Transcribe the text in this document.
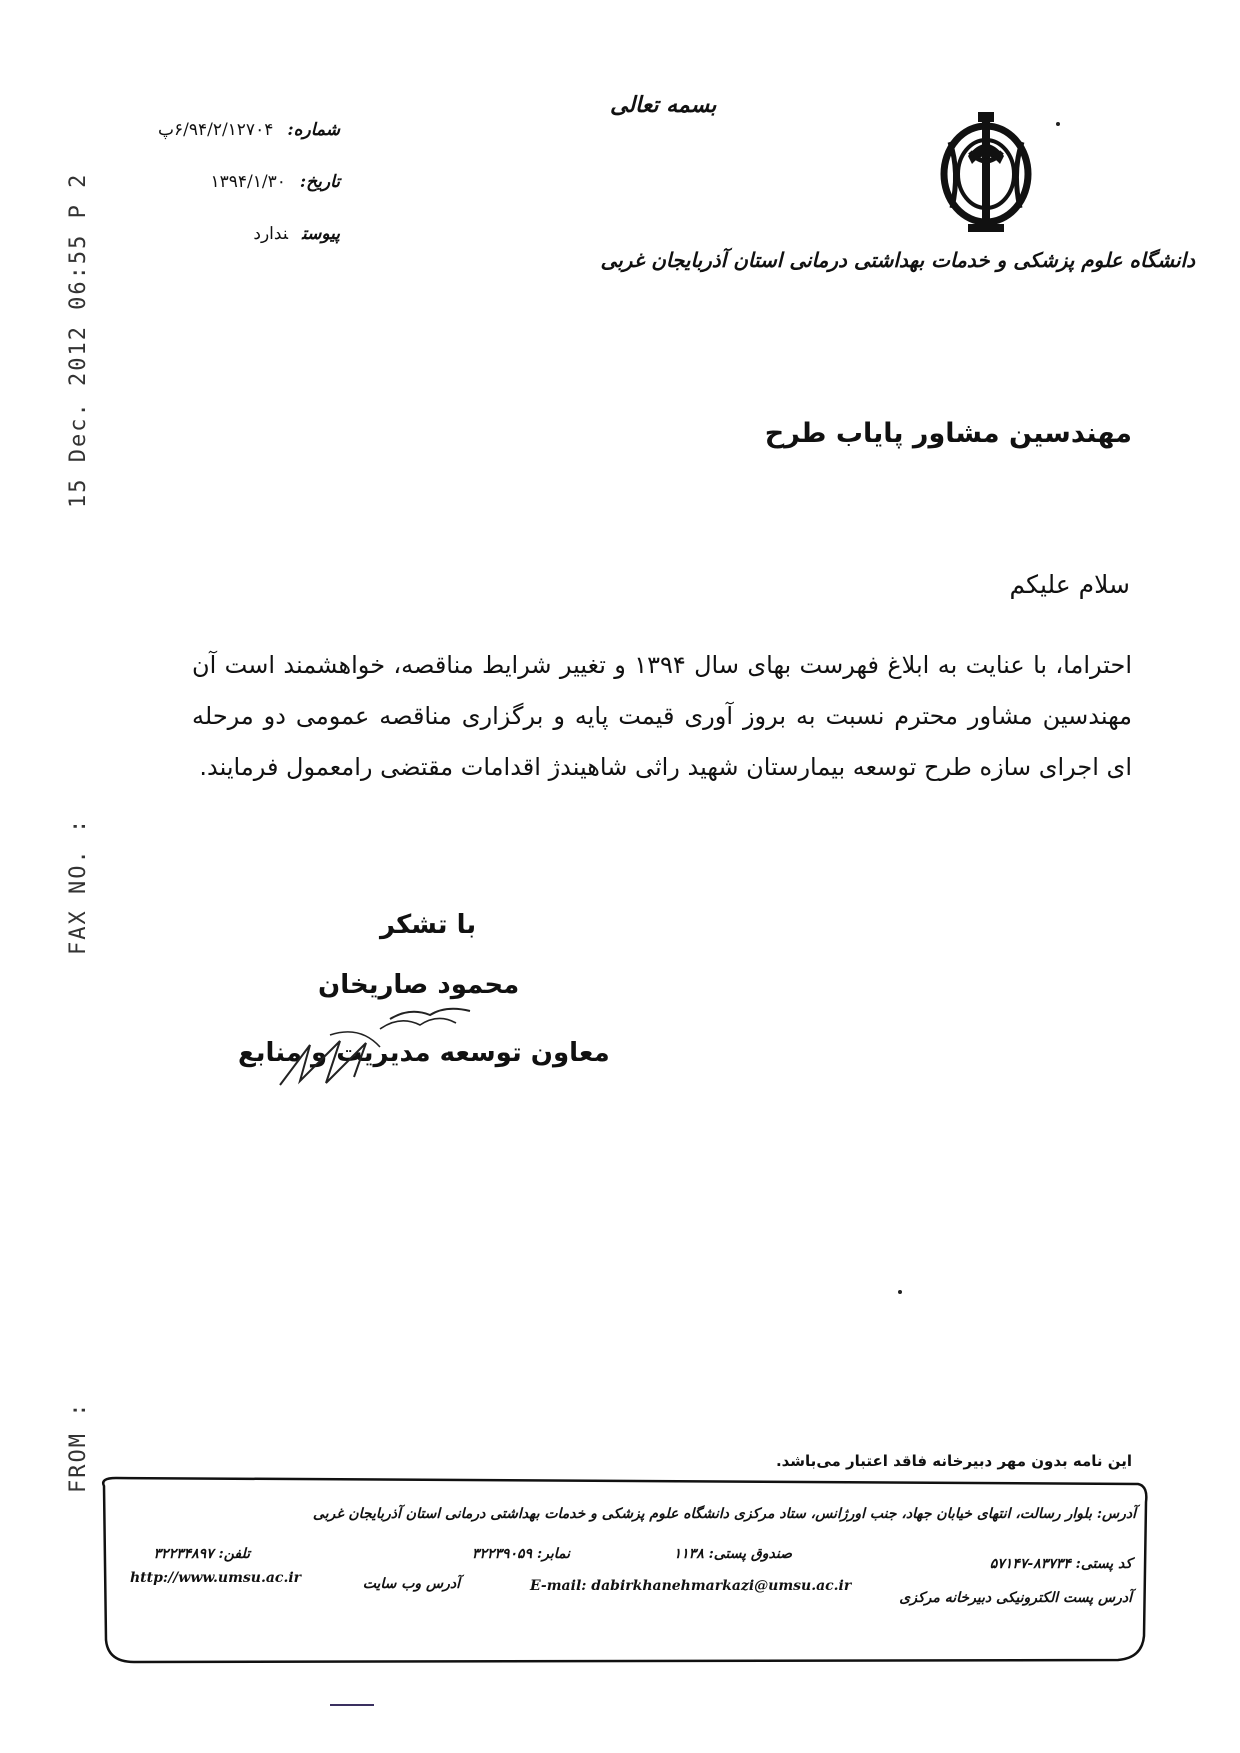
15 Dec. 2012 06:55 P 2
FAX NO. :
FROM :
بسمه تعالی
شماره:۶/۹۴/۲/۱۲۷۰۴پ
تاریخ:۱۳۹۴/۱/۳۰
پیوستندارد
دانشگاه علوم پزشکی و خدمات بهداشتی درمانی استان آذربایجان غربی
مهندسین مشاور پایاب طرح
سلام علیکم
احتراما، با عنایت به ابلاغ فهرست بهای سال ۱۳۹۴ و تغییر شرایط مناقصه، خواهشمند است آن مهندسین مشاور محترم نسبت به بروز آوری قیمت پایه و برگزاری مناقصه عمومی دو مرحله ای اجرای سازه طرح توسعه بیمارستان شهید راثی شاهیندژ اقدامات مقتضی رامعمول فرمایند.
با تشکر
محمود صاریخان
معاون توسعه مدیریت و منابع
این نامه بدون مهر دبیرخانه فاقد اعتبار می‌باشد.
آدرس: بلوار رسالت، انتهای خیابان جهاد، جنب اورژانس، ستاد مرکزی دانشگاه علوم پزشکی و خدمات بهداشتی درمانی استان آذربایجان غربی
کد پستی: ۸۳۷۳۴-۵۷۱۴۷
صندوق پستی: ۱۱۳۸
نمابر: ۳۲۲۳۹۰۵۹
تلفن: ۳۲۲۳۴۸۹۷
آدرس پست الکترونیکی دبیرخانه مرکزی
E-mail: dabirkhanehmarkazi@umsu.ac.ir
آدرس وب سایت
http://www.umsu.ac.ir
